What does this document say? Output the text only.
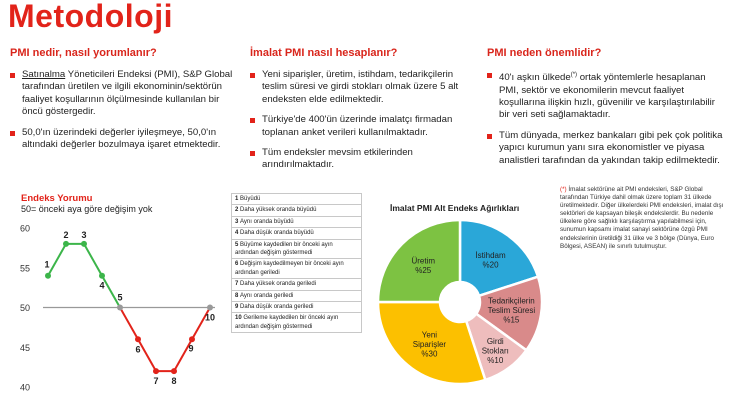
Metodoloji
PMI nedir, nasıl yorumlanır?
Satınalma Yöneticileri Endeksi (PMI), S&P Global tarafından üretilen ve ilgili ekonominin/sektörün faaliyet koşullarının ölçülmesinde kullanılan bir öncü göstergedir.
50,0'ın üzerindeki değerler iyileşmeye, 50,0'ın altındaki değerler bozulmaya işaret etmektedir.
İmalat PMI nasıl hesaplanır?
Yeni siparişler, üretim, istihdam, tedarikçilerin teslim süresi ve girdi stokları olmak üzere 5 alt endeksten elde edilmektedir.
Türkiye'de 400'ün üzerinde imalatçı firmadan toplanan anket verileri kullanılmaktadır.
Tüm endeksler mevsim etkilerinden arındırılmaktadır.
PMI neden önemlidir?
40'ı aşkın ülkede(*) ortak yöntemlerle hesaplanan PMI, sektör ve ekonomilerin mevcut faaliyet koşullarına ilişkin hızlı, güvenilir ve karşılaştırılabilir bir veri seti sağlamaktadır.
Tüm dünyada, merkez bankaları gibi pek çok politika yapıcı kurumun yanı sıra ekonomistler ve piyasa analistleri tarafından da yakından takip edilmektedir.
Endeks Yorumu
50= önceki aya göre değişim yok
40
45
50
55
60
1
2 3
4
5
6
7 8
9
10
1 Büyüdü
2 Daha yüksek oranda büyüdü
3 Aynı oranda büyüdü
4 Daha düşük oranda büyüdü
5 Büyüme kaydedilen bir önceki ayın ardından değişim göstermedi
6 Değişim kaydedilmeyen bir önceki ayın ardından geriledi
7 Daha yüksek oranda geriledi
8 Aynı oranda geriledi
9 Daha düşük oranda geriledi
10 Gerileme kaydedilen bir önceki ayın ardından değişim göstermedi
İmalat PMI Alt Endeks Ağırlıkları
İstihdam %20
Tedarikçilerin Teslim Süresi %15
Girdi Stokları %10
Yeni Siparişler %30
Üretim %25
(*) İmalat sektörüne ait PMI endeksleri, S&P Global tarafından Türkiye dahil olmak üzere toplam 31 ülkede üretilmektedir. Diğer ülkelerdeki PMI endeksleri, imalat dışı sektörleri de kapsayan bileşik endekslerdir. Bu nedenle ülkelere göre sağlıklı karşılaştırma yapılabilmesi için, sunumun kapsamı imalat sanayi sektörüne özgü PMI endekslerinin üretildiği 31 ülke ve 3 bölge (Dünya, Euro Bölgesi, ASEAN) ile sınırlı tutulmuştur.
